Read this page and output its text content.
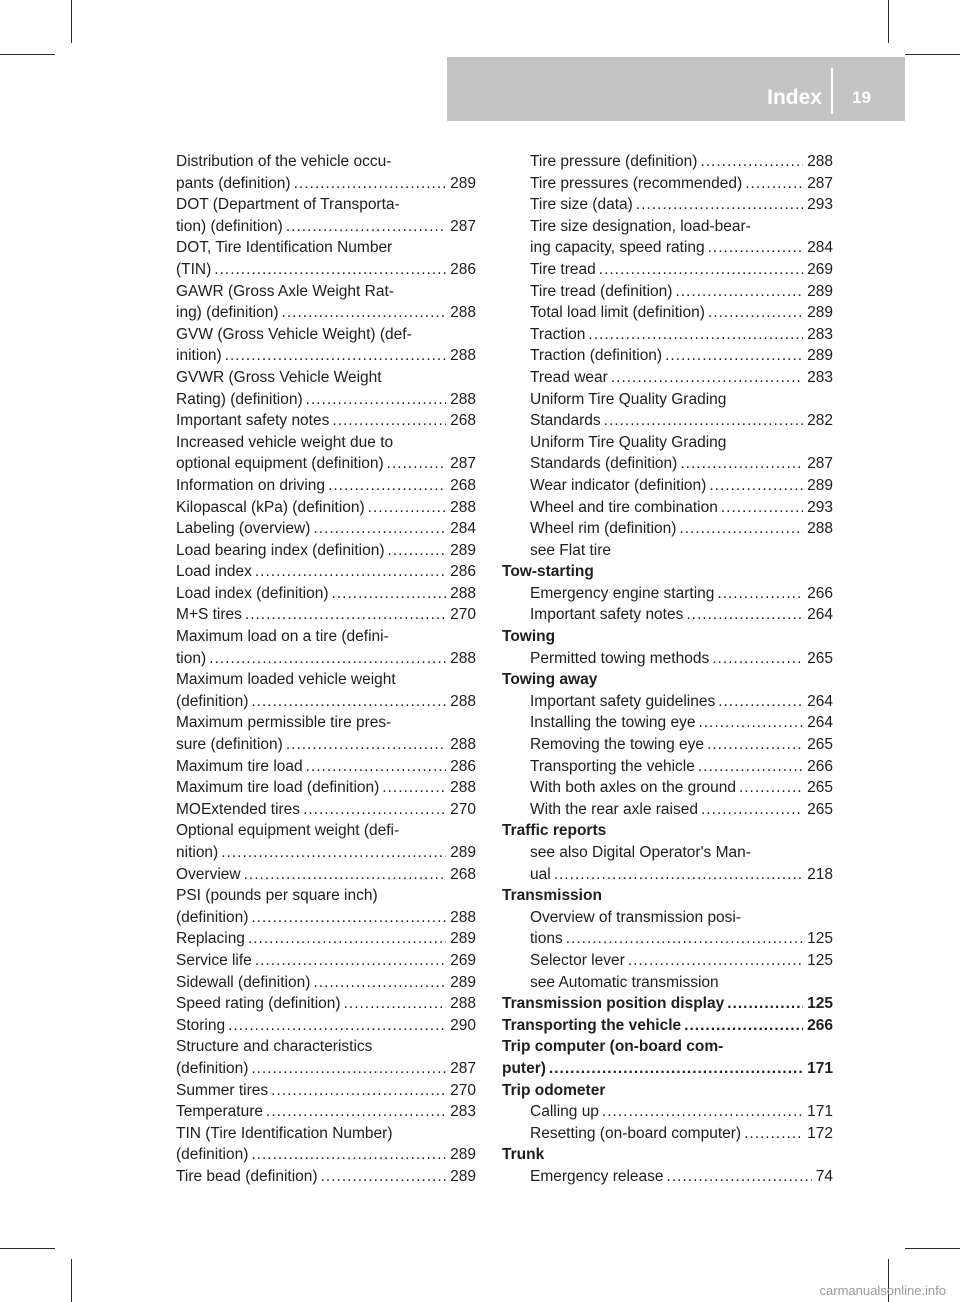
Index 19
Distribution of the vehicle occu-
pants (definition) .....	289
DOT (Department of Transporta-
tion) (definition) .....	287
DOT, Tire Identification Number
(TIN) .....	286
GAWR (Gross Axle Weight Rat-
ing) (definition) .....	288
GVW (Gross Vehicle Weight) (def-
inition) .....	288
GVWR (Gross Vehicle Weight
Rating) (definition) .....	288
Important safety notes .....	268
Increased vehicle weight due to
optional equipment (definition) .....	287
Information on driving .....	268
Kilopascal (kPa) (definition) .....	288
Labeling (overview) .....	284
Load bearing index (definition) .....	289
Load index .....	286
Load index (definition) .....	288
M+S tires .....	270
Maximum load on a tire (defini-
tion) .....	288
Maximum loaded vehicle weight
(definition) .....	288
Maximum permissible tire pres-
sure (definition) .....	288
Maximum tire load .....	286
Maximum tire load (definition) .....	288
MOExtended tires .....	270
Optional equipment weight (defi-
nition) .....	289
Overview .....	268
PSI (pounds per square inch)
(definition) .....	288
Replacing .....	289
Service life .....	269
Sidewall (definition) .....	289
Speed rating (definition) .....	288
Storing .....	290
Structure and characteristics
(definition) .....	287
Summer tires .....	270
Temperature .....	283
TIN (Tire Identification Number)
(definition) .....	289
Tire bead (definition) .....	289
Tire pressure (definition) .....	288
Tire pressures (recommended) .....	287
Tire size (data) .....	293
Tire size designation, load-bear-
ing capacity, speed rating .....	284
Tire tread .....	269
Tire tread (definition) .....	289
Total load limit (definition) .....	289
Traction .....	283
Traction (definition) .....	289
Tread wear .....	283
Uniform Tire Quality Grading
Standards .....	282
Uniform Tire Quality Grading
Standards (definition) .....	287
Wear indicator (definition) .....	289
Wheel and tire combination .....	293
Wheel rim (definition) .....	288
see Flat tire
Tow-starting
Emergency engine starting .....	266
Important safety notes .....	264
Towing
Permitted towing methods .....	265
Towing away
Important safety guidelines .....	264
Installing the towing eye .....	264
Removing the towing eye .....	265
Transporting the vehicle .....	266
With both axles on the ground .....	265
With the rear axle raised .....	265
Traffic reports
see also Digital Operator's Man-
ual .....	218
Transmission
Overview of transmission posi-
tions .....	125
Selector lever .....	125
see Automatic transmission
Transmission position display .....	125
Transporting the vehicle .....	266
Trip computer (on-board com-
puter) .....	171
Trip odometer
Calling up .....	171
Resetting (on-board computer) .....	172
Trunk
Emergency release .....	74
carmanualsonline.info
